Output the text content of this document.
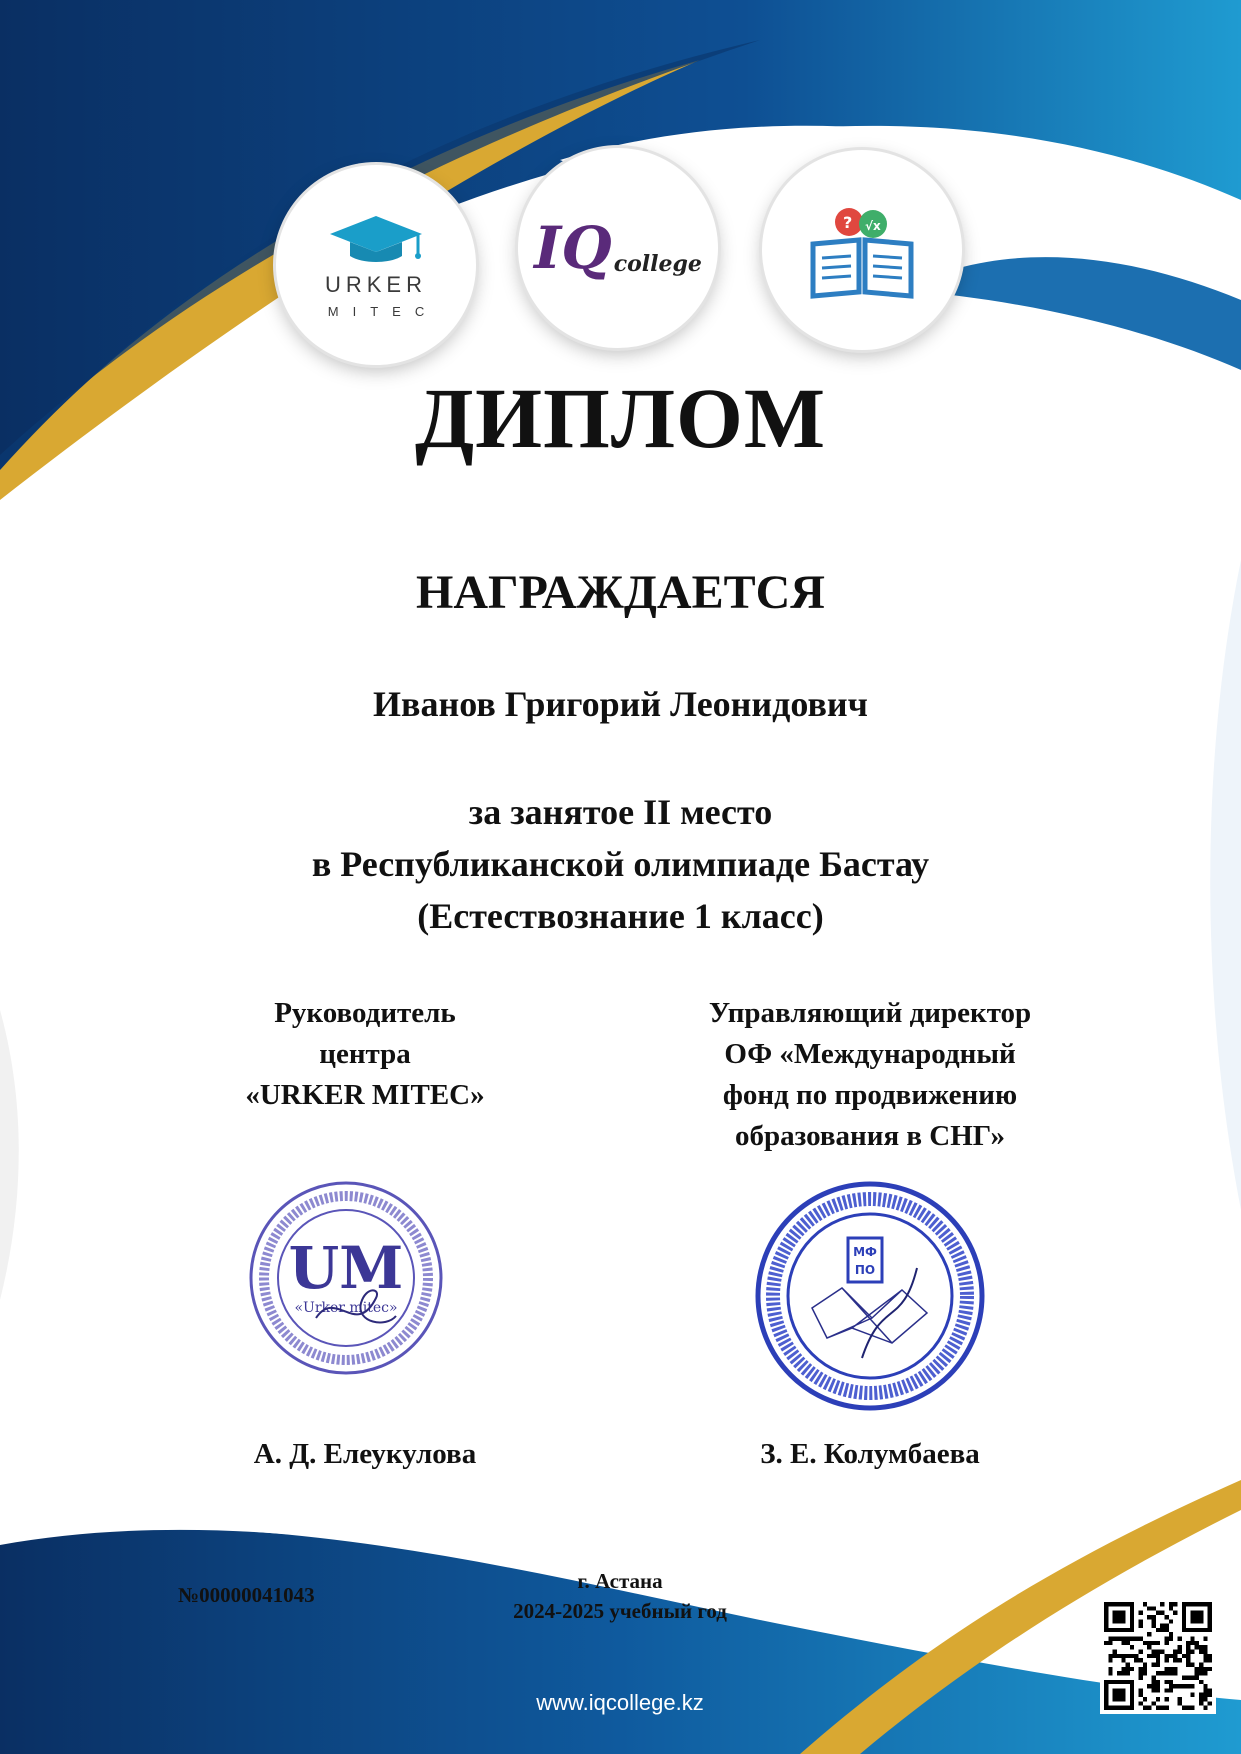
URKER
MITEC
IQ college
? √x
ДИПЛОМ
НАГРАЖДАЕТСЯ
Иванов Григорий Леонидович
за занятое II место
в Республиканской олимпиаде Бастау
(Естествознание 1 класс)
Руководитель
центра
«URKER MITEC»
Управляющий директор
ОФ «Международный
фонд по продвижению
образования в СНГ»
UM
«Urker mitec»
МФ
ПО
А. Д. Елеукулова	З. Е. Колумбаева
№00000041043
г. Астана
2024-2025 учебный год
www.iqcollege.kz
